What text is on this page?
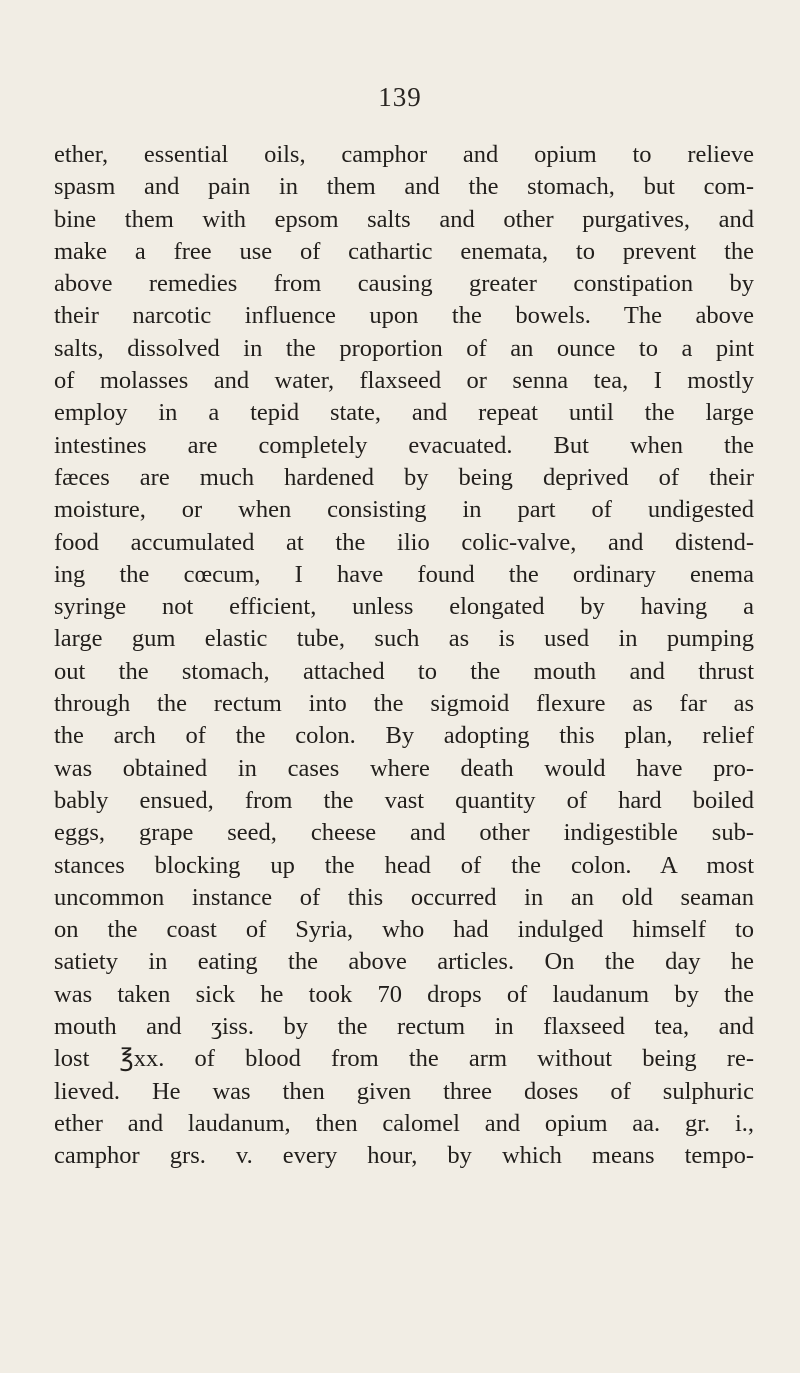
139
ether, essential oils, camphor and opium to relieve
spasm and pain in them and the stomach, but com-
bine them with epsom salts and other purgatives, and
make a free use of cathartic enemata, to prevent the
above remedies from causing greater constipation by
their narcotic influence upon the bowels. The above
salts, dissolved in the proportion of an ounce to a pint
of molasses and water, flaxseed or senna tea, I mostly
employ in a tepid state, and repeat until the large
intestines are completely evacuated. But when the
fæces are much hardened by being deprived of their
moisture, or when consisting in part of undigested
food accumulated at the ilio colic-valve, and distend-
ing the cœcum, I have found the ordinary enema
syringe not efficient, unless elongated by having a
large gum elastic tube, such as is used in pumping
out the stomach, attached to the mouth and thrust
through the rectum into the sigmoid flexure as far as
the arch of the colon. By adopting this plan, relief
was obtained in cases where death would have pro-
bably ensued, from the vast quantity of hard boiled
eggs, grape seed, cheese and other indigestible sub-
stances blocking up the head of the colon. A most
uncommon instance of this occurred in an old seaman
on the coast of Syria, who had indulged himself to
satiety in eating the above articles. On the day he
was taken sick he took 70 drops of laudanum by the
mouth and ʒiss. by the rectum in flaxseed tea, and
lost ℥xx. of blood from the arm without being re-
lieved. He was then given three doses of sulphuric
ether and laudanum, then calomel and opium aa. gr. i.,
camphor grs. v. every hour, by which means tempo-
